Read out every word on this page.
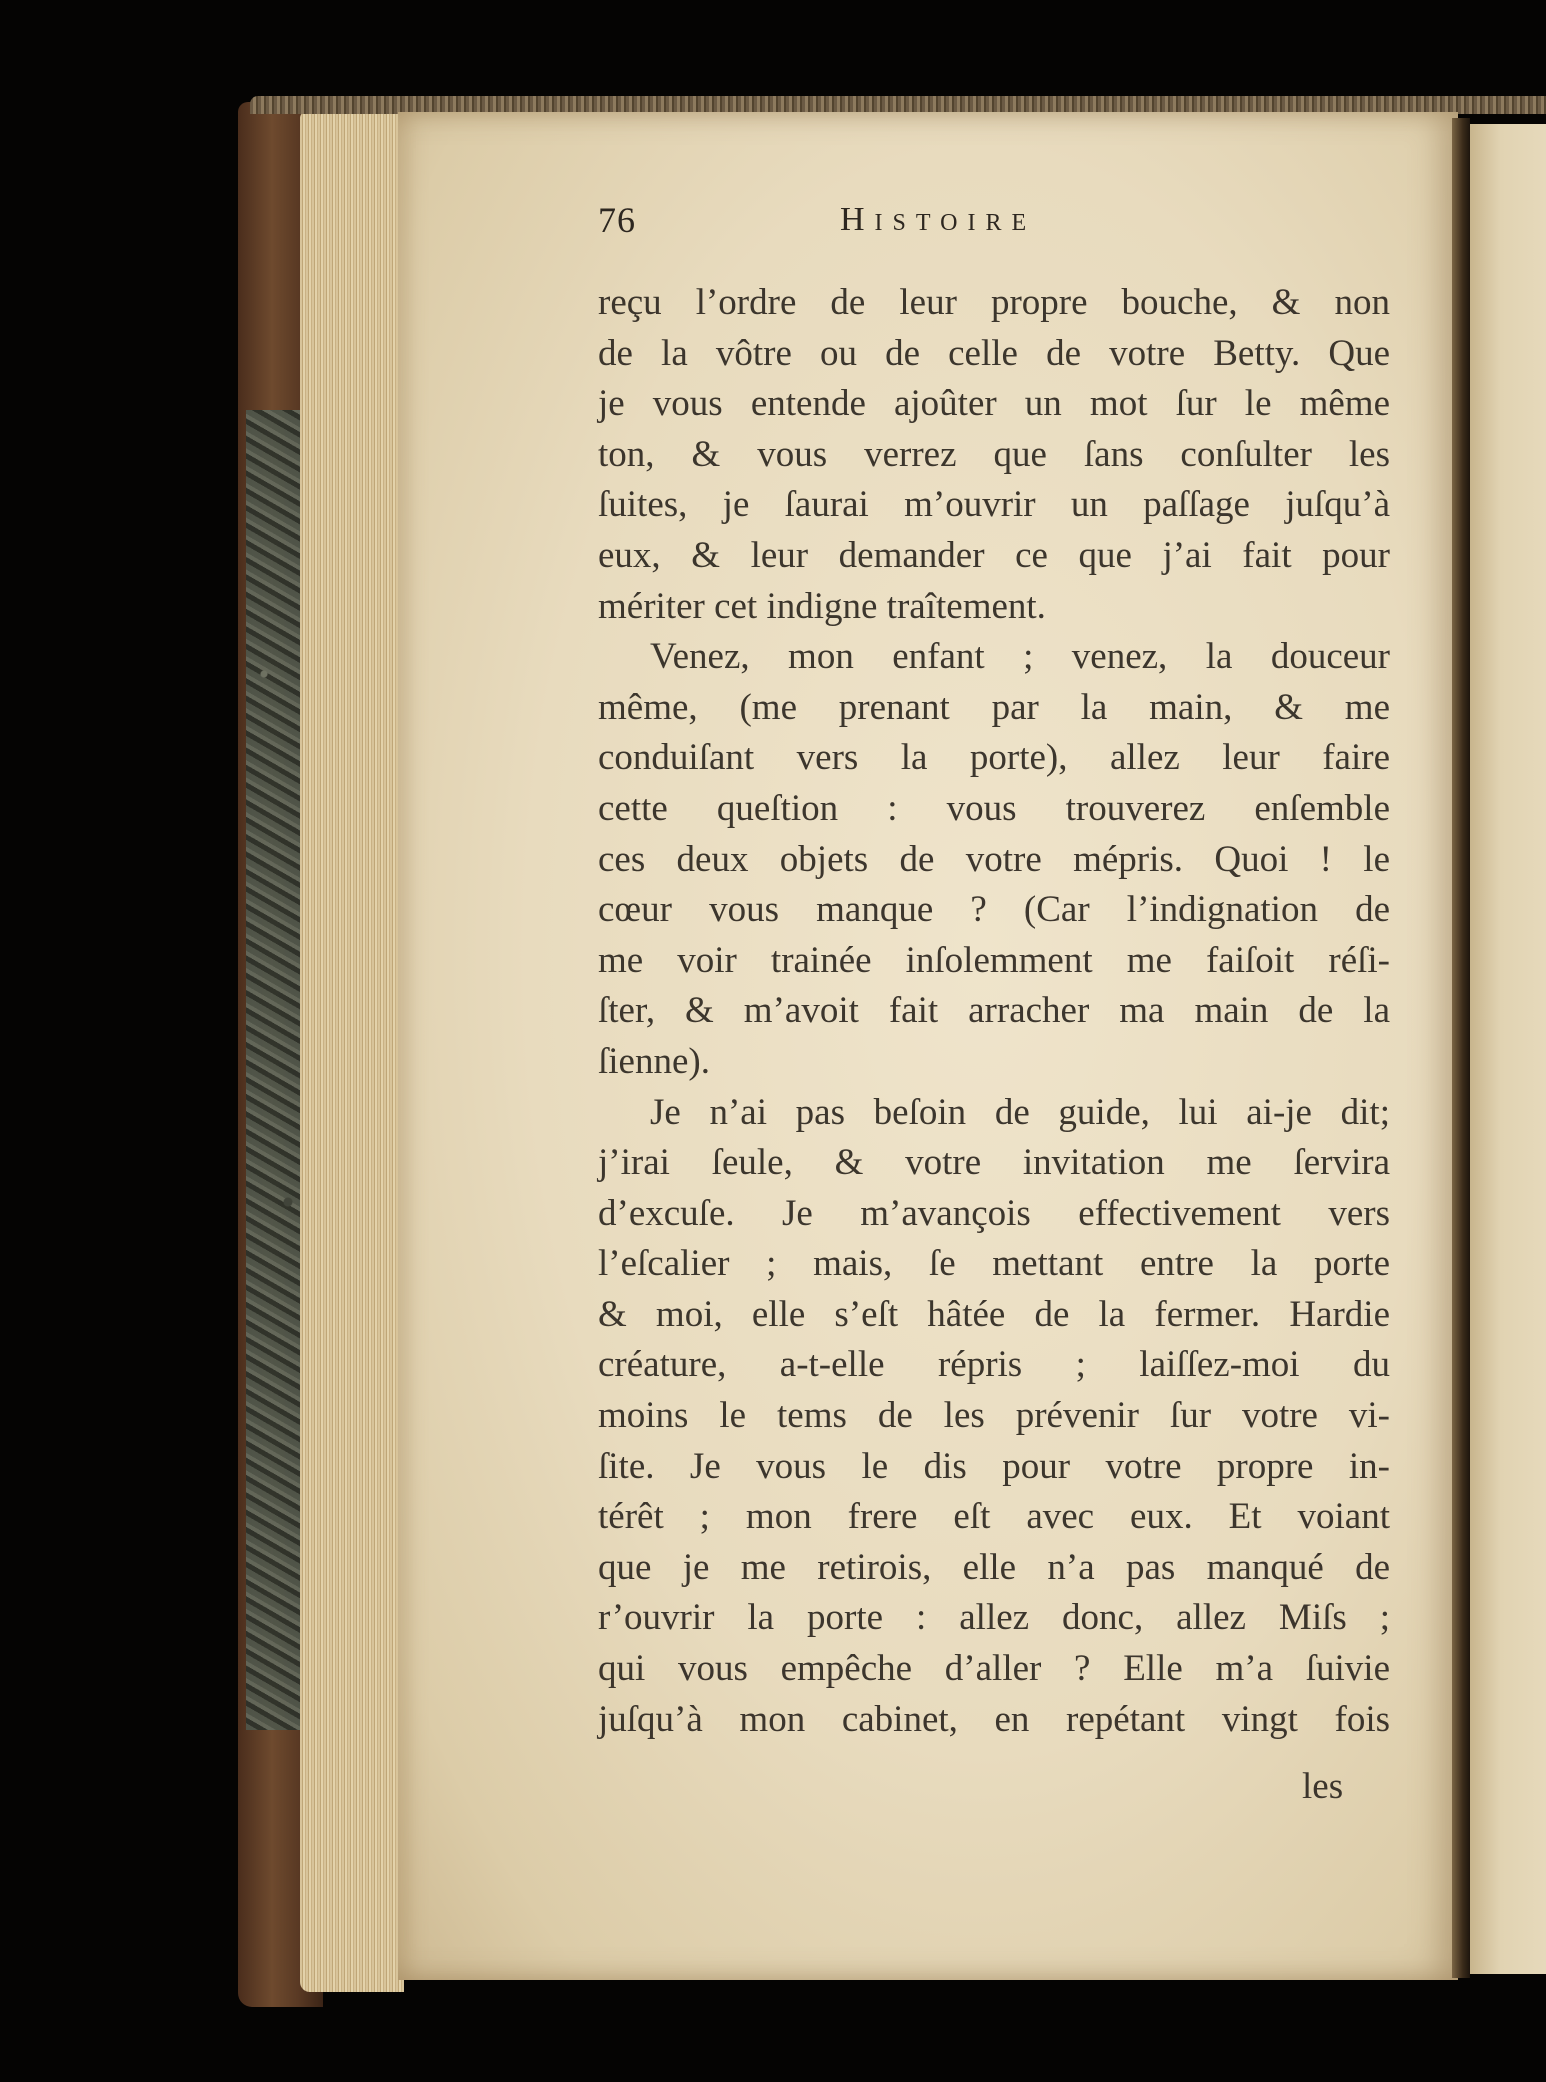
76	Histoire
reçu l’ordre de leur propre bouche, & non
de la vôtre ou de celle de votre Betty. Que
je vous entende ajoûter un mot ſur le même
ton, & vous verrez que ſans conſulter les
ſuites, je ſaurai m’ouvrir un paſſage juſqu’à
eux, & leur demander ce que j’ai fait pour
mériter cet indigne traîtement.
Venez, mon enfant ; venez, la douceur
même, (me prenant par la main, & me
conduiſant vers la porte), allez leur faire
cette queſtion : vous trouverez enſemble
ces deux objets de votre mépris. Quoi ! le
cœur vous manque ? (Car l’indignation de
me voir trainée inſolemment me faiſoit réſi-
ſter, & m’avoit fait arracher ma main de la
ſienne).
Je n’ai pas beſoin de guide, lui ai-je dit;
j’irai ſeule, & votre invitation me ſervira
d’excuſe. Je m’avançois effectivement vers
l’eſcalier ; mais, ſe mettant entre la porte
& moi, elle s’eſt hâtée de la fermer. Hardie
créature, a-t-elle répris ; laiſſez-moi du
moins le tems de les prévenir ſur votre vi-
ſite. Je vous le dis pour votre propre in-
térêt ; mon frere eſt avec eux. Et voiant
que je me retirois, elle n’a pas manqué de
r’ouvrir la porte : allez donc, allez Miſs ;
qui vous empêche d’aller ? Elle m’a ſuivie
juſqu’à mon cabinet, en repétant vingt fois
les
